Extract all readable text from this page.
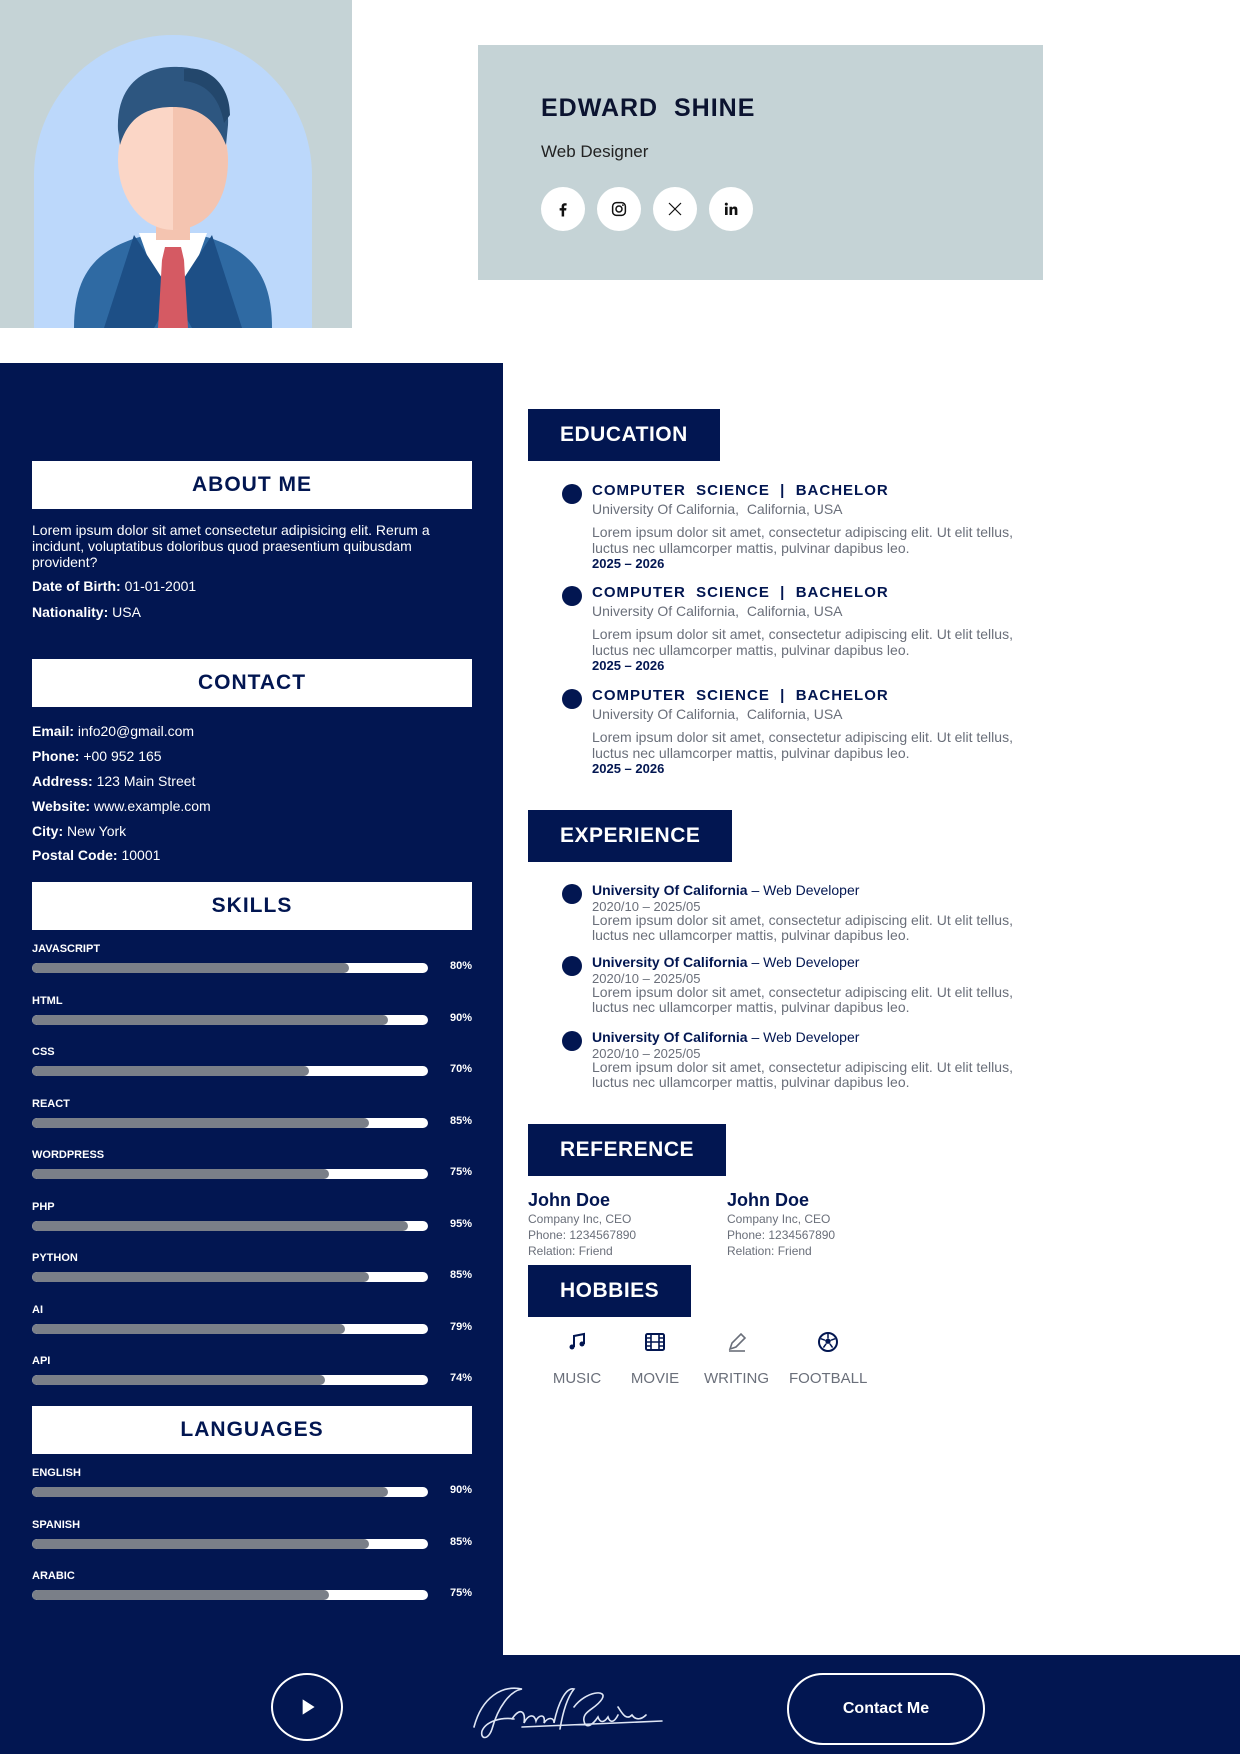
EDWARD  SHINE
Web Designer
ABOUT ME
Lorem ipsum dolor sit amet consectetur adipisicing elit. Rerum a incidunt, voluptatibus doloribus quod praesentium quibusdam provident?
Date of Birth: 01-01-2001
Nationality: USA
CONTACT
Email: info20@gmail.com
Phone: +00 952 165
Address: 123 Main Street
Website: www.example.com
City: New York
Postal Code: 10001
SKILLS
JAVASCRIPT
80%
HTML
90%
CSS
70%
REACT
85%
WORDPRESS
75%
PHP
95%
PYTHON
85%
AI
79%
API
74%
LANGUAGES
ENGLISH
90%
SPANISH
85%
ARABIC
75%
EDUCATION
COMPUTER  SCIENCE  |  BACHELOR
University Of California,  California, USA
Lorem ipsum dolor sit amet, consectetur adipiscing elit. Ut elit tellus, luctus nec ullamcorper mattis, pulvinar dapibus leo.
2025 – 2026
COMPUTER  SCIENCE  |  BACHELOR
University Of California,  California, USA
Lorem ipsum dolor sit amet, consectetur adipiscing elit. Ut elit tellus, luctus nec ullamcorper mattis, pulvinar dapibus leo.
2025 – 2026
COMPUTER  SCIENCE  |  BACHELOR
University Of California,  California, USA
Lorem ipsum dolor sit amet, consectetur adipiscing elit. Ut elit tellus, luctus nec ullamcorper mattis, pulvinar dapibus leo.
2025 – 2026
EXPERIENCE
University Of California – Web Developer
2020/10 – 2025/05
Lorem ipsum dolor sit amet, consectetur adipiscing elit. Ut elit tellus, luctus nec ullamcorper mattis, pulvinar dapibus leo.
University Of California – Web Developer
2020/10 – 2025/05
Lorem ipsum dolor sit amet, consectetur adipiscing elit. Ut elit tellus, luctus nec ullamcorper mattis, pulvinar dapibus leo.
University Of California – Web Developer
2020/10 – 2025/05
Lorem ipsum dolor sit amet, consectetur adipiscing elit. Ut elit tellus, luctus nec ullamcorper mattis, pulvinar dapibus leo.
REFERENCE
John Doe
Company Inc, CEO
Phone: 1234567890
Relation: Friend
John Doe
Company Inc, CEO
Phone: 1234567890
Relation: Friend
HOBBIES
MUSIC MOVIE WRITING FOOTBALL
Contact Me
